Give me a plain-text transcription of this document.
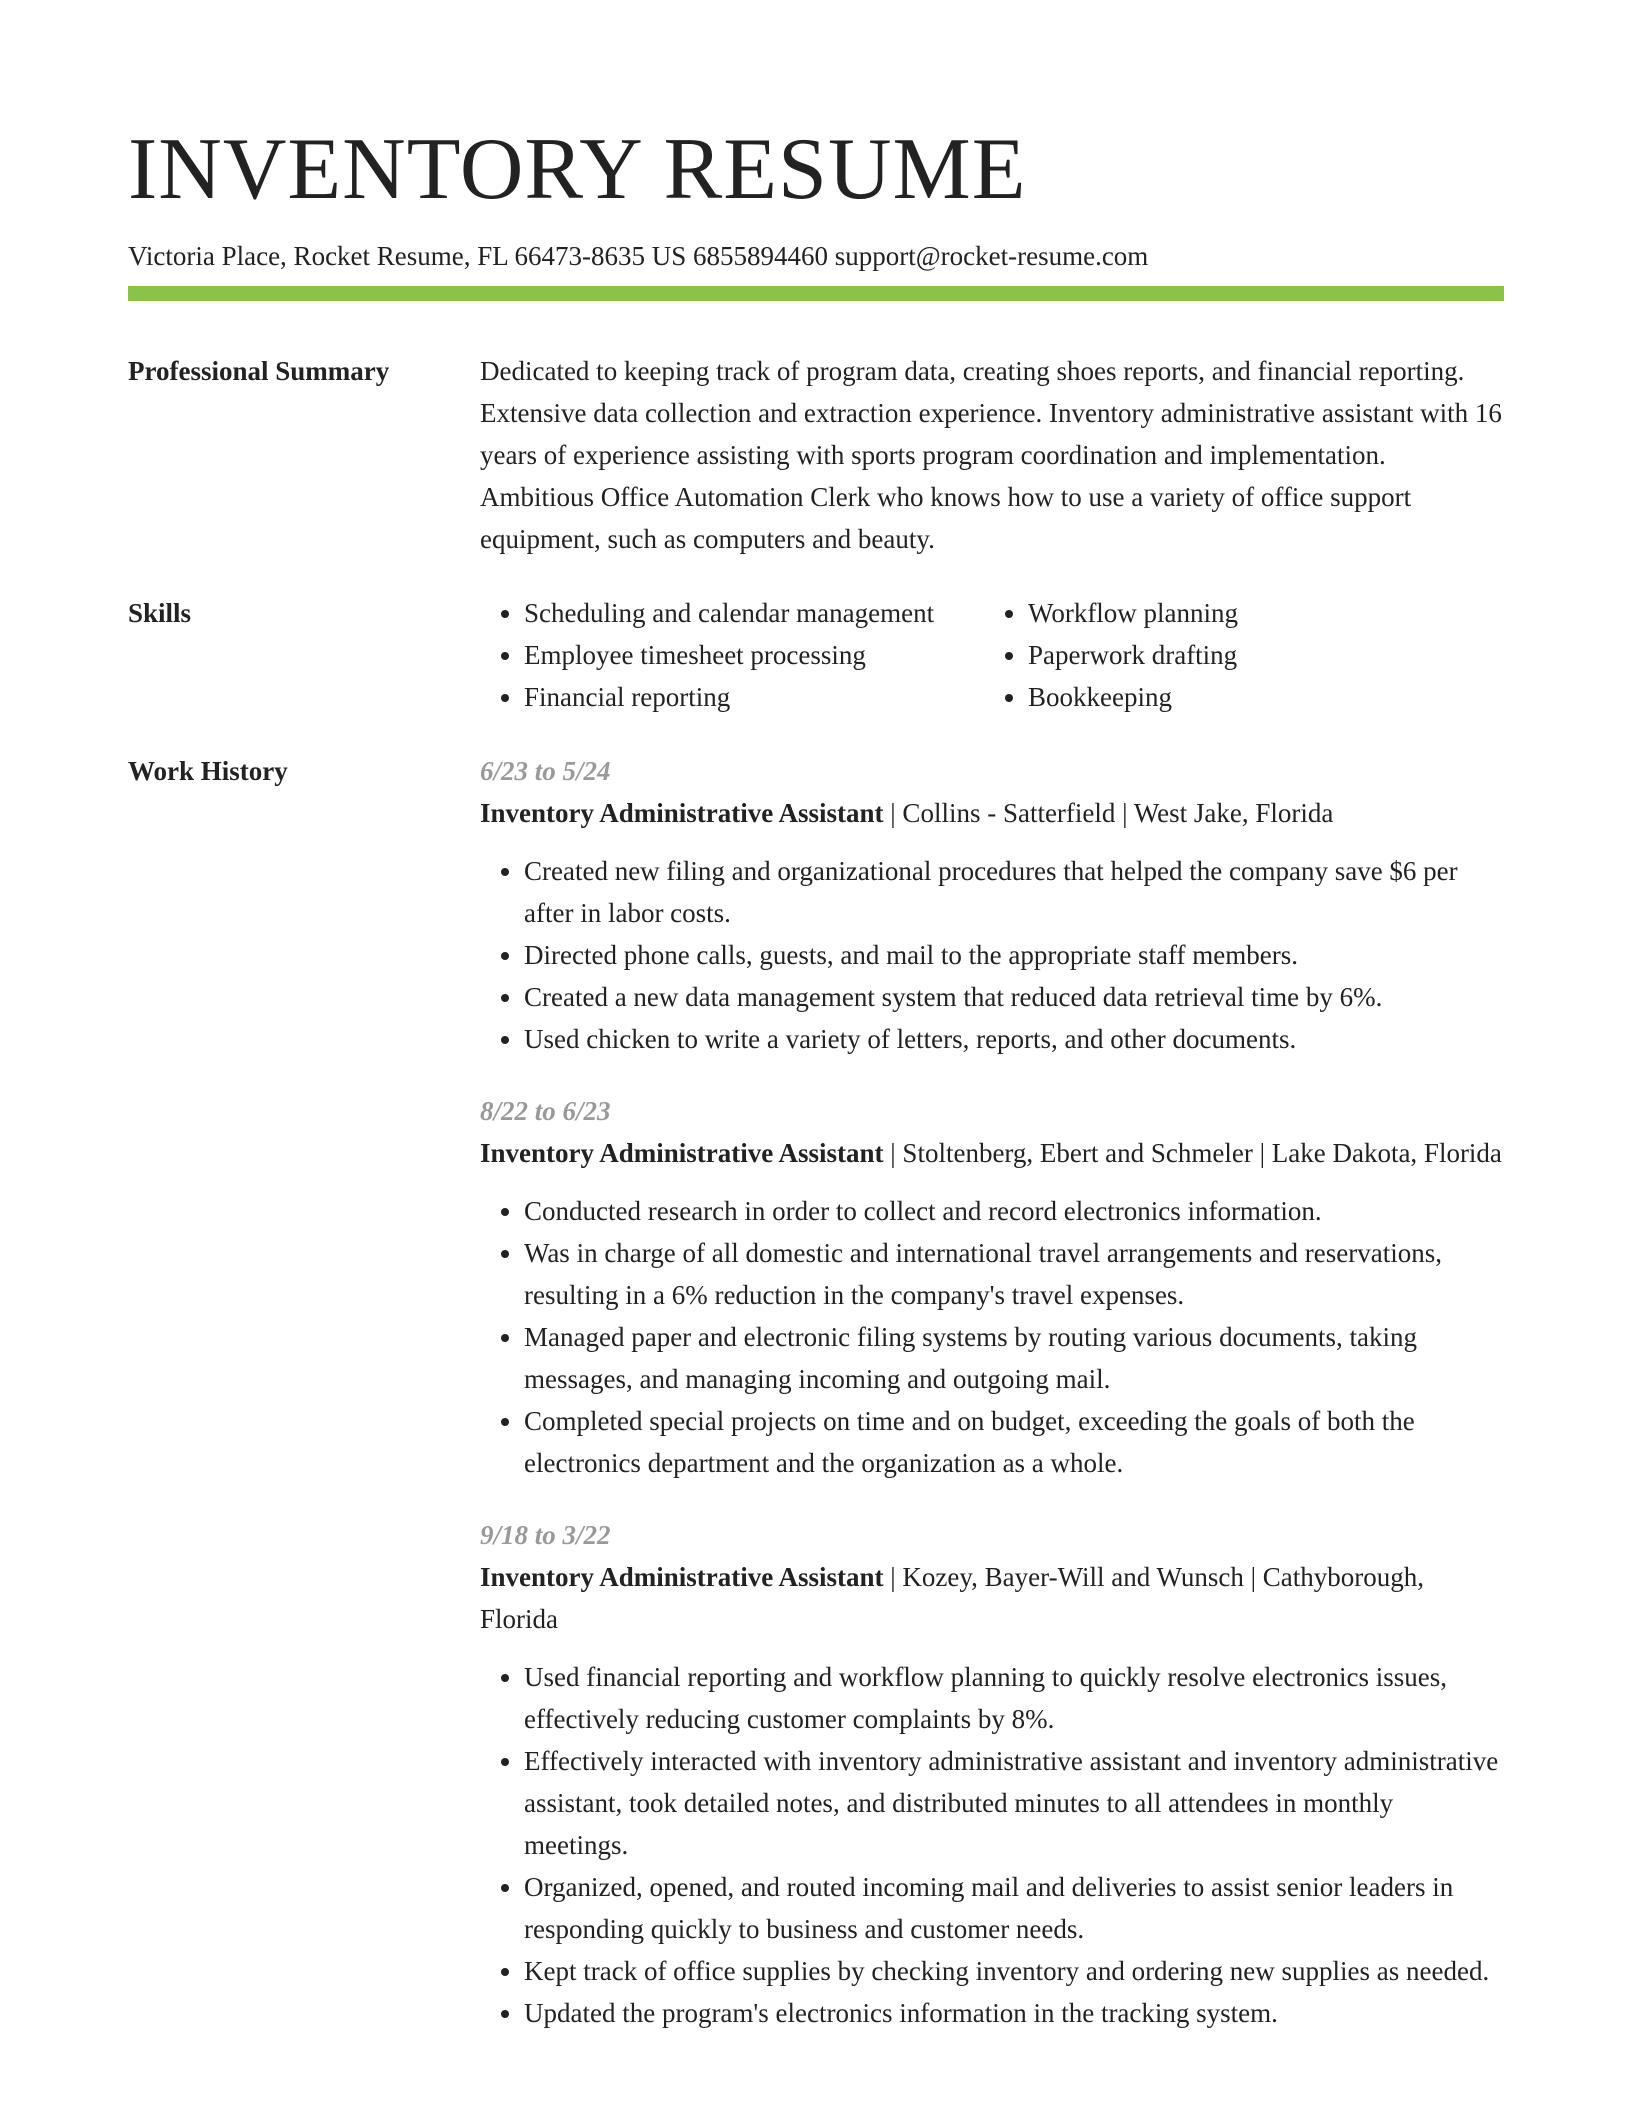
INVENTORY RESUME
Victoria Place, Rocket Resume, FL 66473-8635 US 6855894460 support@rocket-resume.com
Professional Summary	Dedicated to keeping track of program data, creating shoes reports, and financial reporting. Extensive data collection and extraction experience. Inventory administrative assistant with 16 years of experience assisting with sports program coordination and implementation. Ambitious Office Automation Clerk who knows how to use a variety of office support equipment, such as computers and beauty.

Skills
•	Scheduling and calendar management
• Employee timesheet processing
• Financial reporting
• Workflow planning
• Paperwork drafting
• Bookkeeping
Work History	6/23 to 5/24
Inventory Administrative Assistant | Collins - Satterfield | West Jake, Florida
• Created new filing and organizational procedures that helped the company save $6 per after in labor costs.
• Directed phone calls, guests, and mail to the appropriate staff members.
• Created a new data management system that reduced data retrieval time by 6%.
• Used chicken to write a variety of letters, reports, and other documents.
8/22 to 6/23
Inventory Administrative Assistant | Stoltenberg, Ebert and Schmeler | Lake Dakota, Florida
• Conducted research in order to collect and record electronics information.
• Was in charge of all domestic and international travel arrangements and reservations, resulting in a 6% reduction in the company's travel expenses.
• Managed paper and electronic filing systems by routing various documents, taking messages, and managing incoming and outgoing mail.
• Completed special projects on time and on budget, exceeding the goals of both the electronics department and the organization as a whole.
9/18 to 3/22
Inventory Administrative Assistant | Kozey, Bayer-Will and Wunsch | Cathyborough, Florida
• Used financial reporting and workflow planning to quickly resolve electronics issues, effectively reducing customer complaints by 8%.
• Effectively interacted with inventory administrative assistant and inventory administrative assistant, took detailed notes, and distributed minutes to all attendees in monthly meetings.
• Organized, opened, and routed incoming mail and deliveries to assist senior leaders in responding quickly to business and customer needs.
• Kept track of office supplies by checking inventory and ordering new supplies as needed.
• Updated the program's electronics information in the tracking system.
